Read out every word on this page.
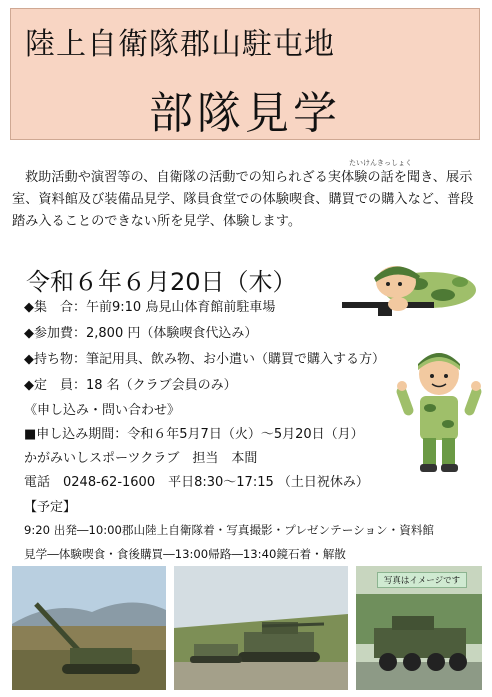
陸上自衛隊郡山駐屯地
部隊見学
たいけんきっしょく
救助活動や演習等の、自衛隊の活動での知られざる実体験の話を聞き、展示室、資料館及び装備品見学、隊員食堂での体験喫食、購買での購入など、普段踏み入ることのできない所を見学、体験します。
令和６年６月20日（木）
◆集　合：午前9:10 鳥見山体育館前駐車場
◆参加費：2,800 円（体験喫食代込み）
◆持ち物：筆記用具、飲み物、お小遣い（購買で購入する方）
◆定　員：18 名（クラブ会員のみ）
《申し込み・問い合わせ》
■申し込み期間：令和６年5月7日（火）～5月20日（月）
かがみいしスポーツクラブ　担当　本間
電話　0248-62-1600　平日8:30～17:15 （土日祝休み）
【予定】
9:20 出発―10:00郡山陸上自衛隊着・写真撮影・プレゼンテーション・資料館
見学―体験喫食・食後購買―13:00帰路―13:40鏡石着・解散
写真はイメージです
